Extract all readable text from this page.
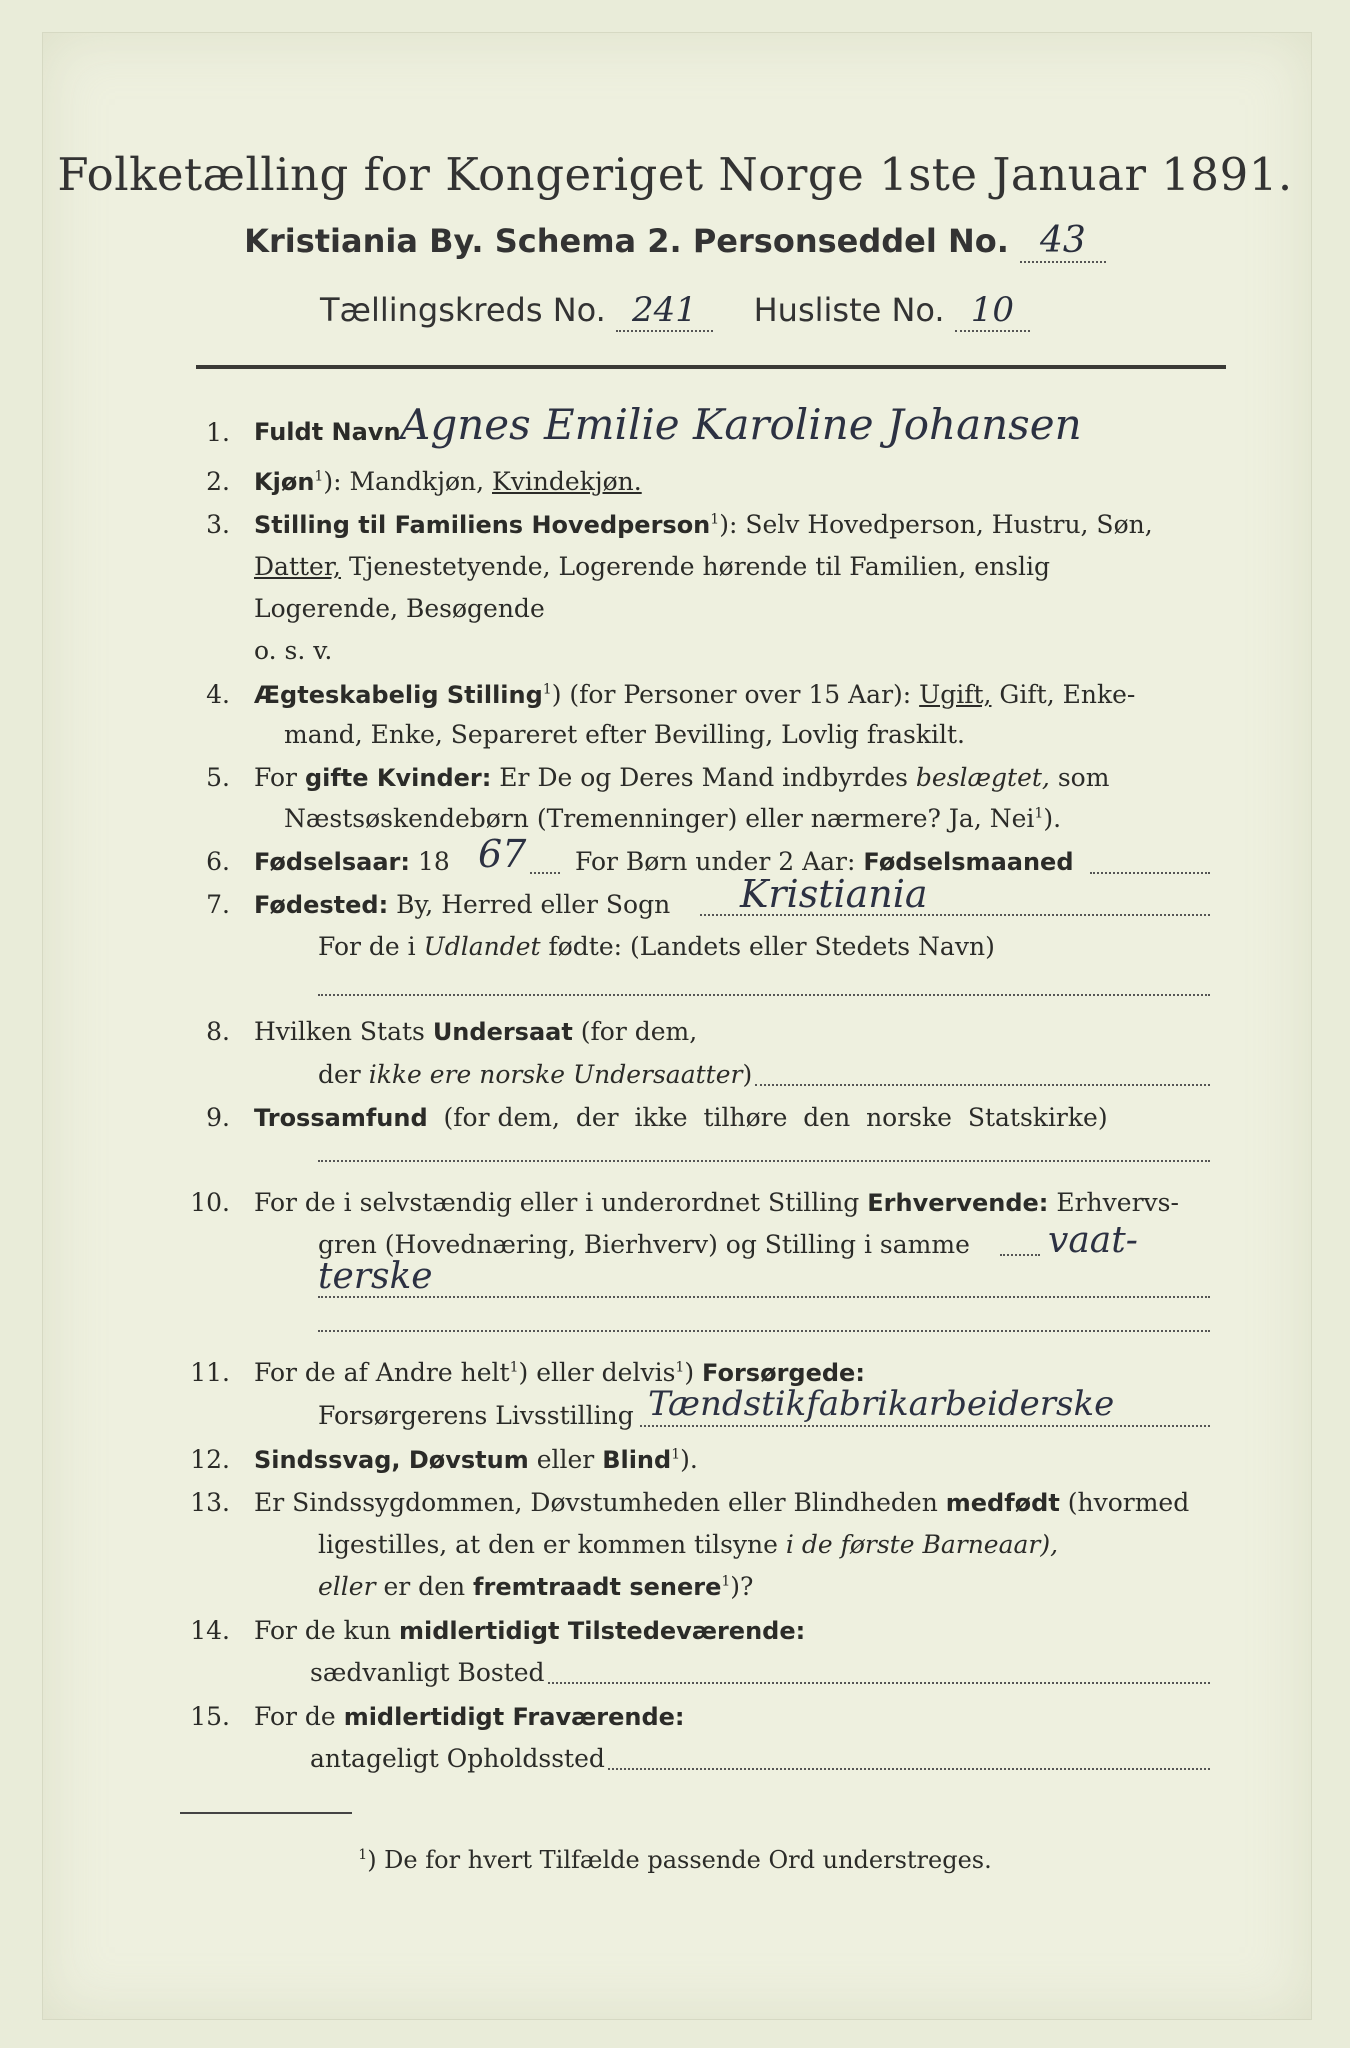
Folketælling for Kongeriget Norge 1ste Januar 1891.
Kristiania By. Schema 2. Personseddel No. 43
Tællingskreds No. 241 Husliste No. 10
1. Fuldt Navn Agnes Emilie Karoline Johansen
2. Kjøn$^1$): Mandkjøn, Kvindekjøn.
3. Stilling til Familiens Hovedperson$^1$): Selv Hovedperson, Hustru, Søn,
Datter, Tjenestetyende, Logerende hørende til Familien, enslig
Logerende, Besøgende
o. s. v.
4. Ægteskabelig Stilling$^1$) (for Personer over 15 Aar): Ugift, Gift, Enke-
mand, Enke, Separeret efter Bevilling, Lovlig fraskilt.
5. For gifte Kvinder: Er De og Deres Mand indbyrdes beslægtet, som
Næstsøskendebørn (Tremenninger) eller nærmere? Ja, Nei$^1$).
6. Fødselsaar: 18 67 For Børn under 2 Aar: Fødselsmaaned
7. Fødested: By, Herred eller Sogn Kristiania
For de i Udlandet fødte: (Landets eller Stedets Navn)
8. Hvilken Stats Undersaat (for dem,
der ikke ere norske Undersaatter)
9. Trossamfund  (for dem,  der  ikke  tilhøre  den  norske  Statskirke)
10. For de i selvstændig eller i underordnet Stilling Erhvervende: Erhvervs-
gren (Hovednæring, Bierhverv) og Stilling i samme vaat-
terske
11. For de af Andre helt$^1$) eller delvis$^1$) Forsørgede:
Forsørgerens Livsstilling Tændstikfabrikarbeiderske
12. Sindssvag, Døvstum eller Blind$^1$).
13. Er Sindssygdommen, Døvstumheden eller Blindheden medfødt (hvormed
ligestilles, at den er kommen tilsyne i de første Barneaar),
eller er den fremtraadt senere$^1$)?
14. For de kun midlertidigt Tilstedeværende:
sædvanligt Bosted
15. For de midlertidigt Fraværende:
antageligt Opholdssted
$^1$) De for hvert Tilfælde passende Ord understreges.
